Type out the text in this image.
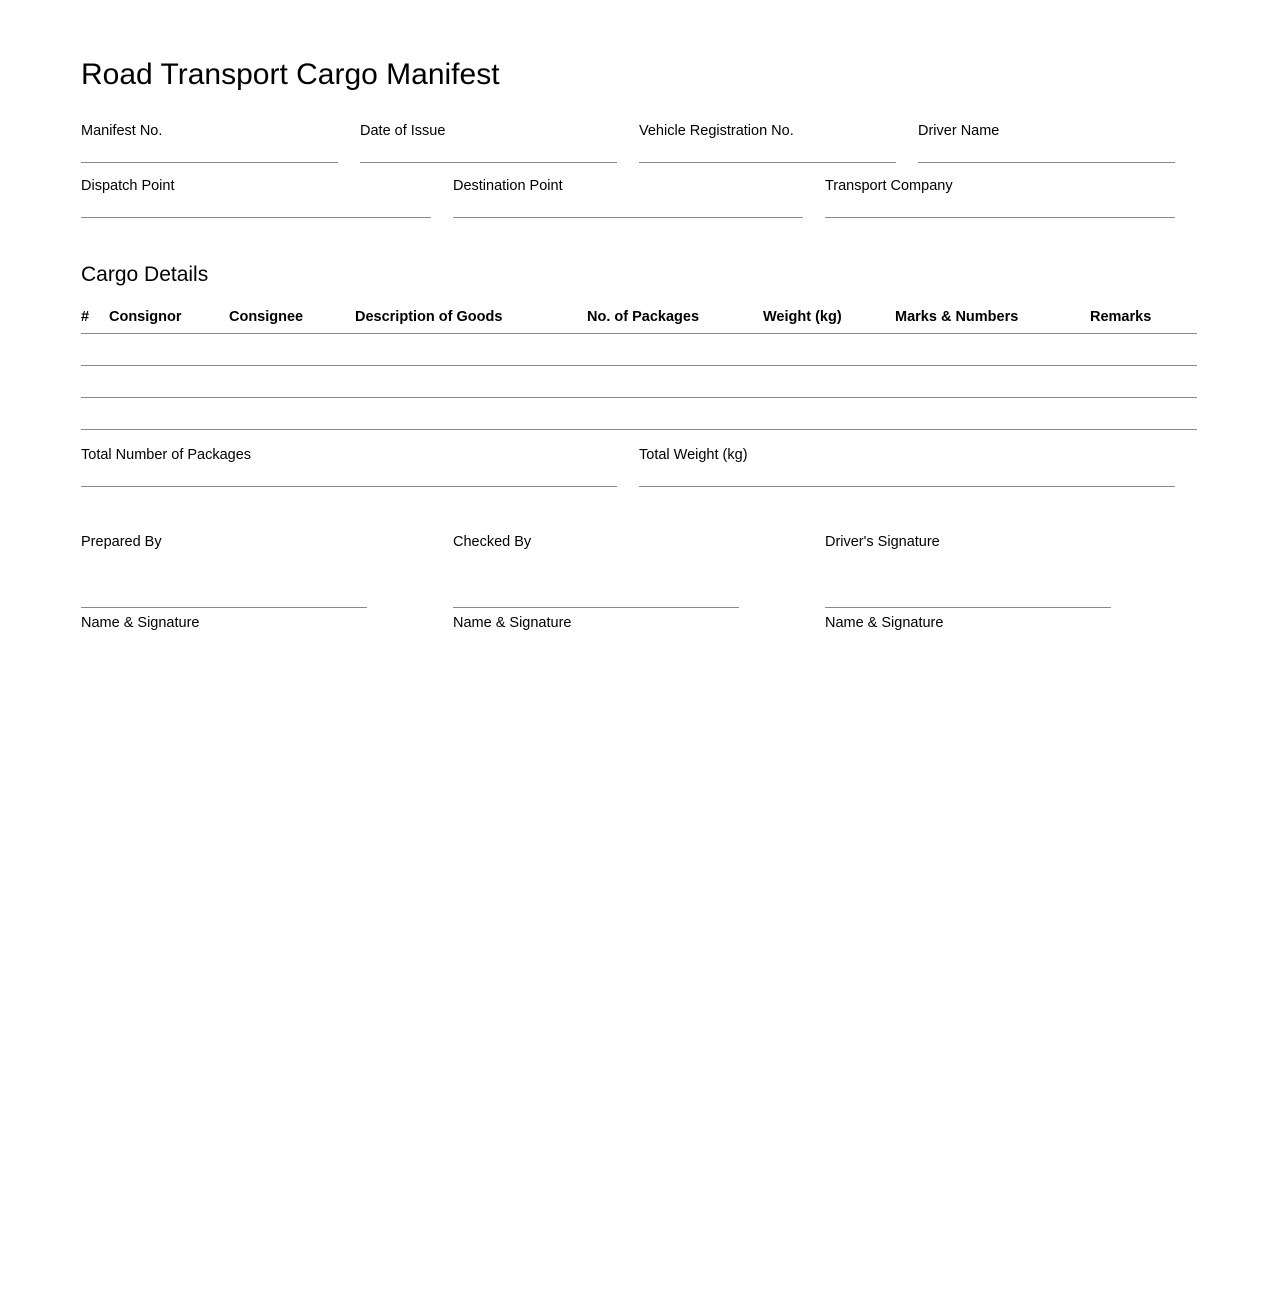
Road Transport Cargo Manifest
Manifest No.	Date of Issue	Vehicle Registration No.	Driver Name
Dispatch Point	Destination Point	Transport Company
Cargo Details
#	Consignor	Consignee	Description of Goods	No. of Packages	Weight (kg)	Marks & Numbers	Remarks

Total Number of Packages	Total Weight (kg)
Prepared By
Name & Signature
Checked By
Name & Signature
Driver's Signature
Name & Signature
